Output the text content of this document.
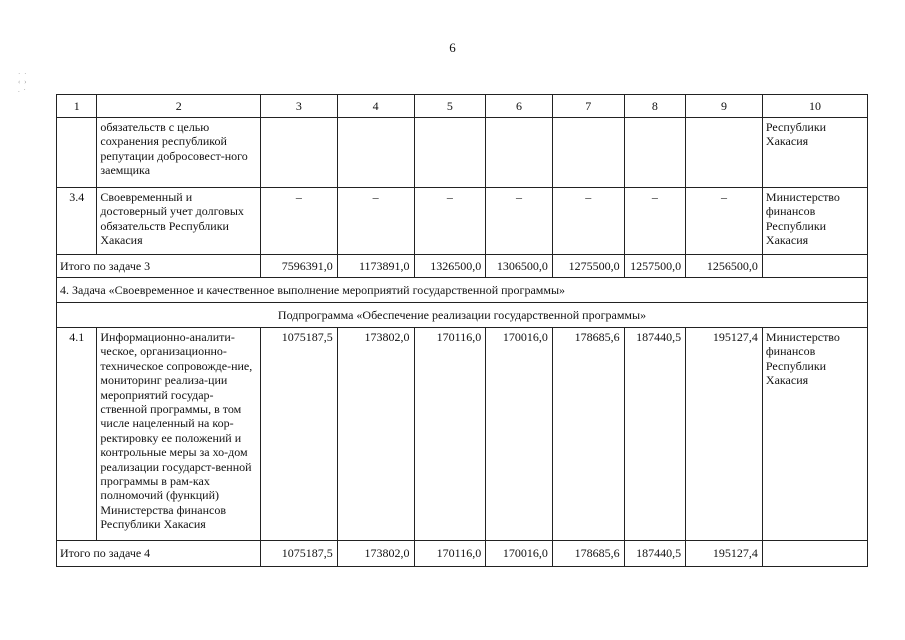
6
· ·
‹ ›
. ·
1	2	3	4	5	6	7	8	9	10
	обязательств с целью сохранения республикой репутации добросовест-ного заемщика								Республики Хакасия
3.4	Своевременный и достоверный учет долговых обязательств Республики Хакасия	–	–	–	–	–	–	–	Министерство финансов Республики Хакасия
Итого по задаче 3		7596391,0	1173891,0	1326500,0	1306500,0	1275500,0	1257500,0	1256500,0	
4. Задача «Своевременное и качественное выполнение мероприятий государственной программы»									
Подпрограмма «Обеспечение реализации государственной программы»									
4.1	Информационно-аналити-ческое, организационно-техническое сопровожде-ние, мониторинг реализа-ции мероприятий государ-ственной программы, в том числе нацеленный на кор-ректировку ее положений и контрольные меры за хо-дом реализации государст-венной программы в рам-ках полномочий (функций) Министерства финансов Республики Хакасия	1075187,5	173802,0	170116,0	170016,0	178685,6	187440,5	195127,4	Министерство финансов Республики Хакасия
Итого по задаче 4		1075187,5	173802,0	170116,0	170016,0	178685,6	187440,5	195127,4	
